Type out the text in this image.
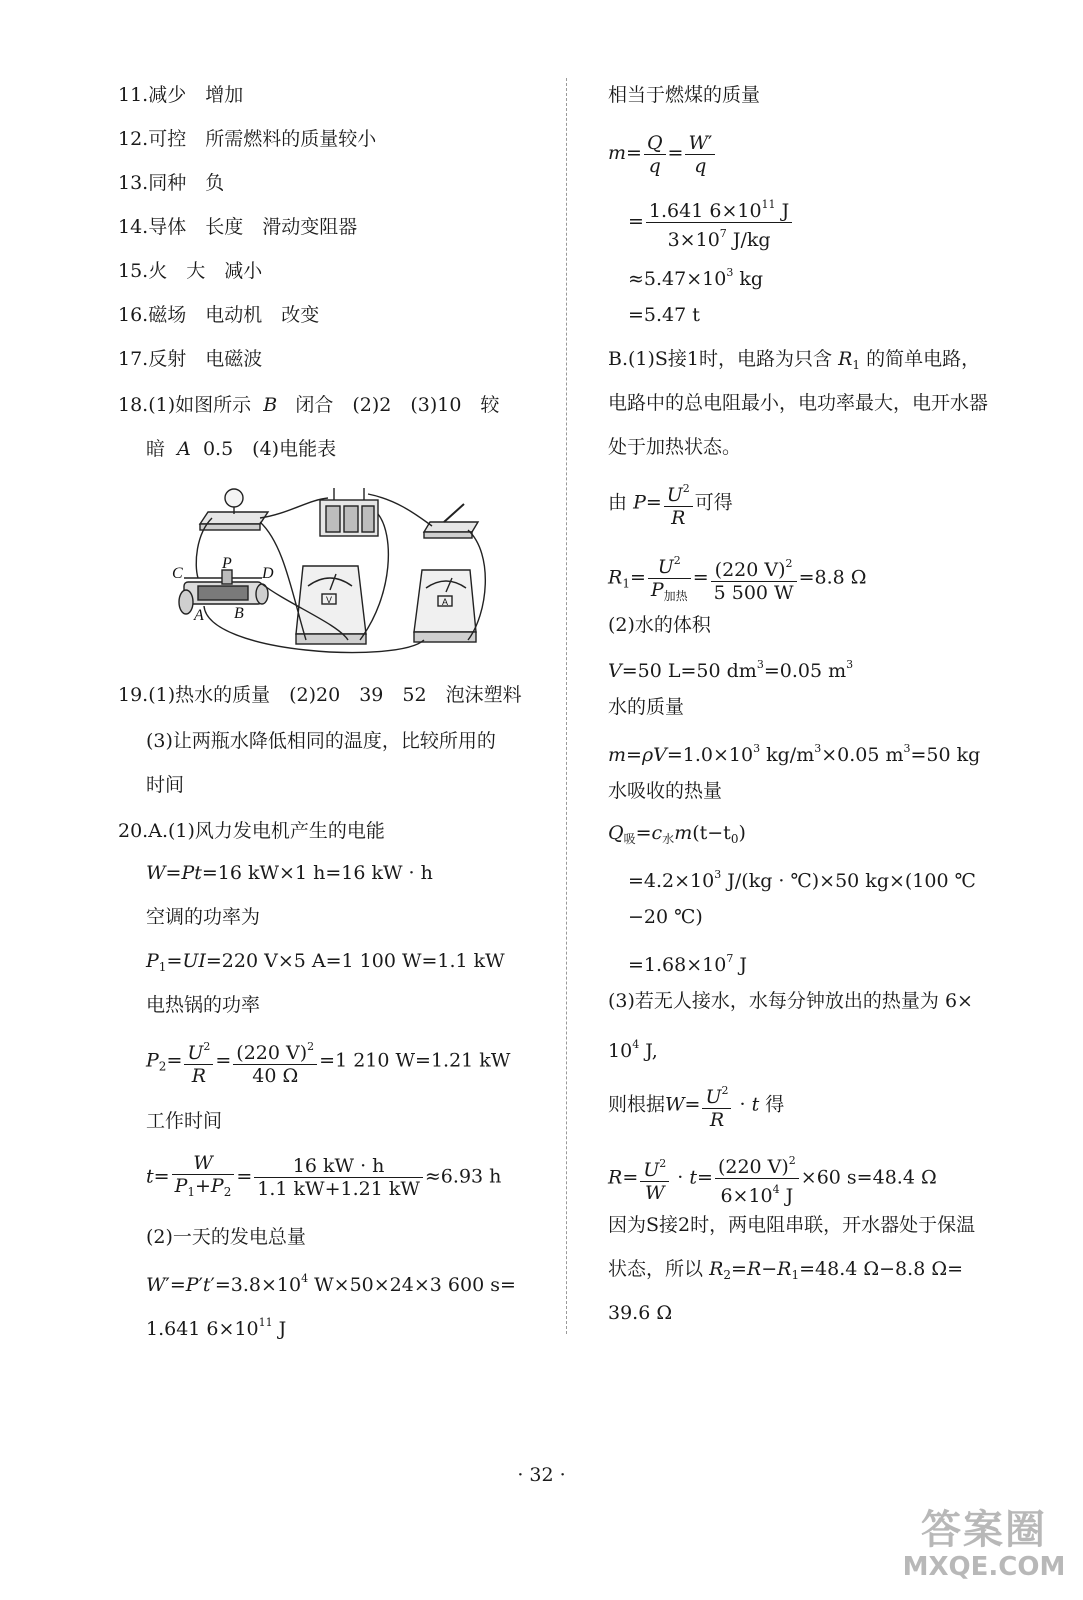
11.减少　增加
12.可控　所需燃料的质量较小
13.同种　负
14.导体　长度　滑动变阻器
15.火　大　减小
16.磁场　电动机　改变
17.反射　电磁波
18.(1)如图所示 B 闭合　(2)2　(3)10　较
暗 A 0.5　(4)电能表
C
P
D
A B
V	A
19.(1)热水的质量　(2)20　39　52　泡沫塑料
(3)让两瓶水降低相同的温度，比较所用的
时间
20.A.(1)风力发电机产生的电能
W=Pt=16 kW×1 h=16 kW · h
空调的功率为
$P_1=UI=220$ V×5 A=1 100 W=1.1 kW
电热锅的功率
$P_2= \frac{U^2}{R} = \frac{(220 V)^2}{40 \Omega} =1$ 210 W=1.21 kW
工作时间
$t= \frac{W}{P_1+P_2} = \frac{16 kW \cdot h}{1.1 kW+1.21 kW} \approx 6.93$ h
(2)一天的发电总量
$W'=P't'=3.8\times 10^4$ W×50×24×3 600 s=
1.641 $6\times 10^{11}$ J
相当于燃煤的质量
$m= \frac{Q}{q} = \frac{W'}{q}$
= $\frac{1.641 6\times 10^{11} J}{3\times 10^7 J/kg}$
$\approx 5.47\times 10^3$ kg
=5.47 t
B.(1)S接1时，电路为只含 $R_1$ 的简单电路，
电路中的总电阻最小，电功率最大，电开水器
处于加热状态。
由 $P= \frac{U^2}{R}$ 可得
$R_1= \frac{U^2}{P_{加热}} = \frac{(220 V)^2}{5 500 W} =8.8$ Ω
(2)水的体积
V=50 L=50 $dm^3=0.05$ $m^3$
水的质量
$m=\rho V=1.0\times 10^3$ $kg/m^3\times 0.05$ $m^3=50$ kg
水吸收的热量
$Q_吸=c_水m(t-t_0)$
$=4.2\times 10^3$ J/(kg · ℃)×50 kg×(100 ℃
−20 ℃)
$=1.68\times 10^7$ J
(3)若无人接水，水每分钟放出的热量为 6×
$10^4$ J,
则根据$W= \frac{U^2}{R} \cdot t$ 得
$R= \frac{U^2}{W} \cdot t= \frac{(220 V)^2}{6\times 10^4 J} \times 60$ s=48.4 Ω
因为S接2时，两电阻串联，开水器处于保温
状态，所以 $R_2=R-R_1=48.4$ Ω−8.8 Ω=
39.6 Ω
· 32 ·
答案圈
MXQE.COM
